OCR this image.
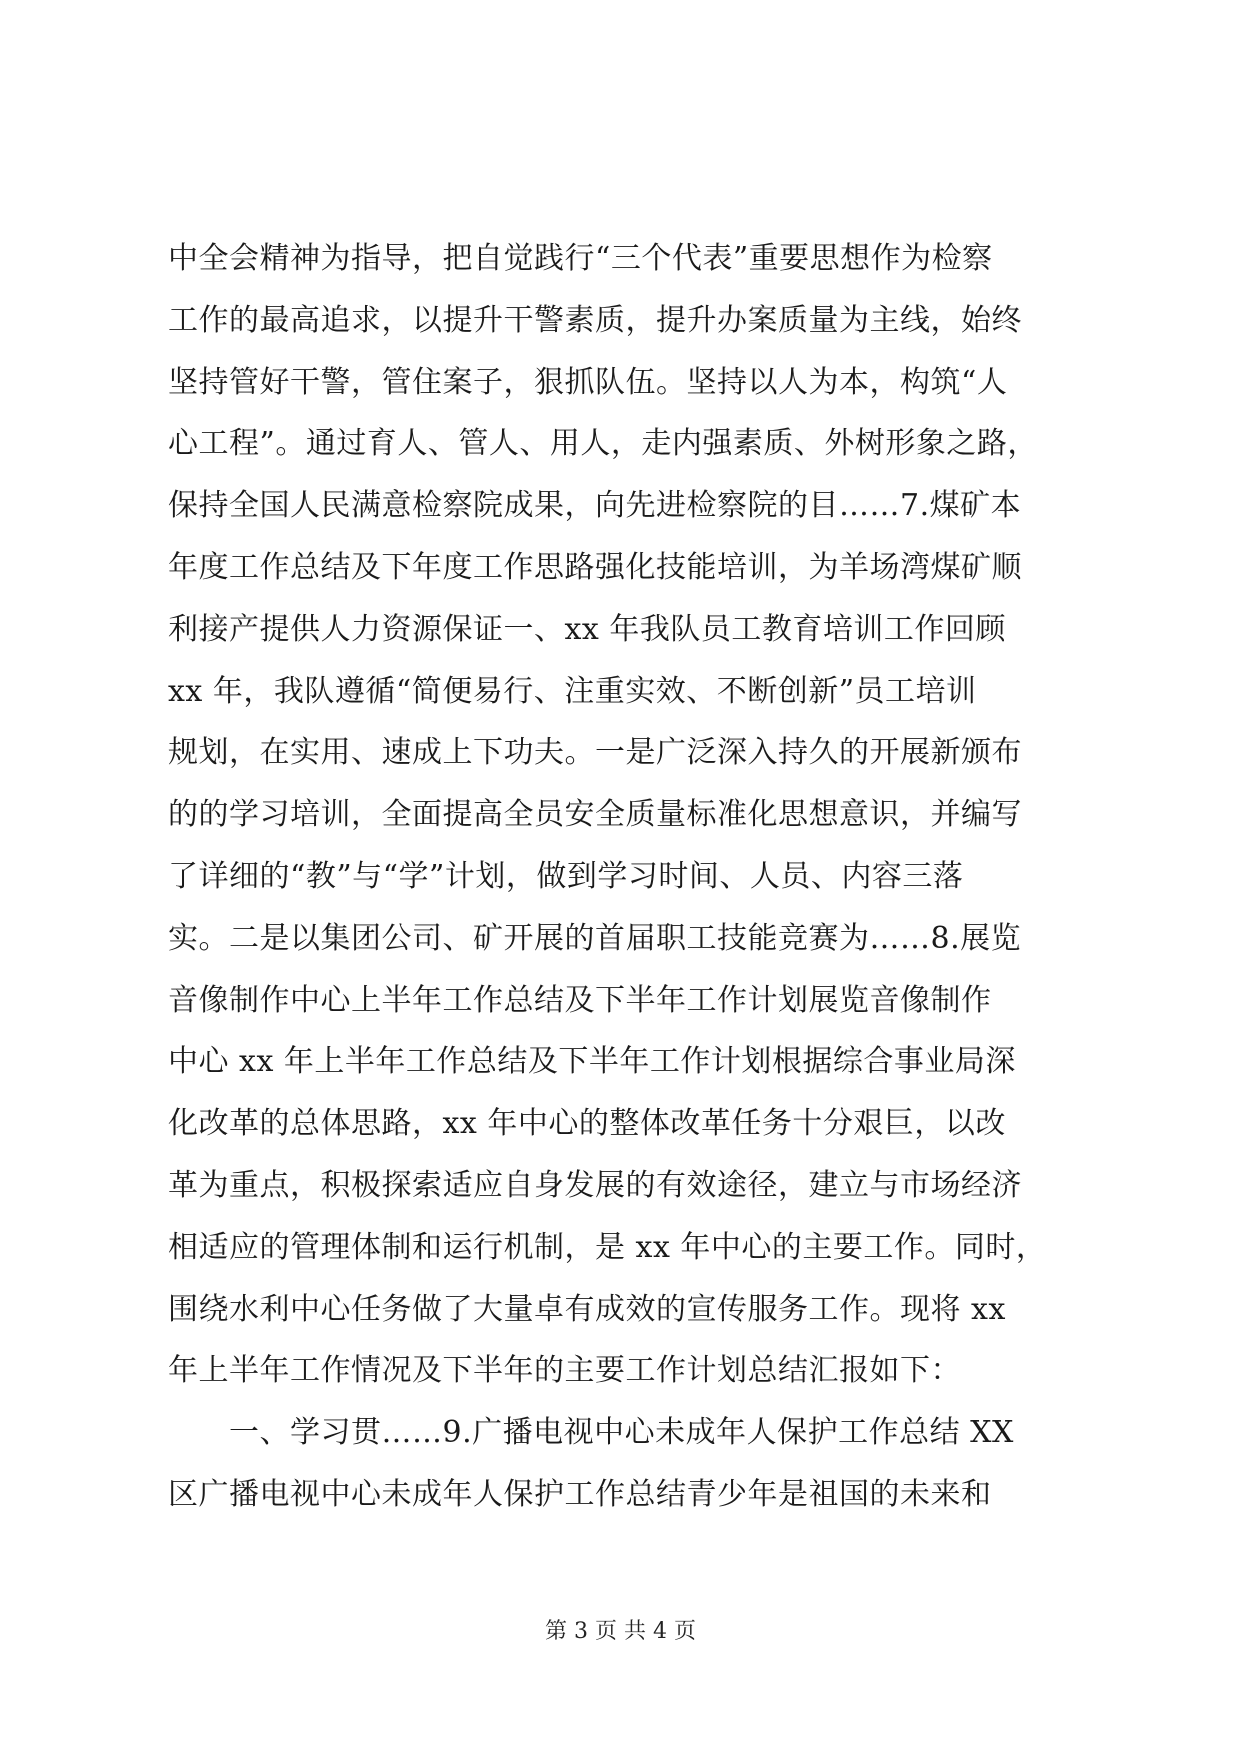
中全会精神为指导，把自觉践行“三个代表”重要思想作为检察
工作的最高追求，以提升干警素质，提升办案质量为主线，始终
坚持管好干警，管住案子，狠抓队伍。坚持以人为本，构筑“人
心工程”。通过育人、管人、用人，走内强素质、外树形象之路，
保持全国人民满意检察院成果，向先进检察院的目……7.煤矿本
年度工作总结及下年度工作思路强化技能培训，为羊场湾煤矿顺
利接产提供人力资源保证一、xx 年我队员工教育培训工作回顾
xx 年，我队遵循“简便易行、注重实效、不断创新”员工培训
规划，在实用、速成上下功夫。一是广泛深入持久的开展新颁布
的的学习培训，全面提高全员安全质量标准化思想意识，并编写
了详细的“教”与“学”计划，做到学习时间、人员、内容三落
实。二是以集团公司、矿开展的首届职工技能竞赛为……8.展览
音像制作中心上半年工作总结及下半年工作计划展览音像制作
中心 xx 年上半年工作总结及下半年工作计划根据综合事业局深
化改革的总体思路，xx 年中心的整体改革任务十分艰巨，以改
革为重点，积极探索适应自身发展的有效途径，建立与市场经济
相适应的管理体制和运行机制，是 xx 年中心的主要工作。同时，
围绕水利中心任务做了大量卓有成效的宣传服务工作。现将 xx
年上半年工作情况及下半年的主要工作计划总结汇报如下：
　　一、学习贯……9.广播电视中心未成年人保护工作总结 XX
区广播电视中心未成年人保护工作总结青少年是祖国的未来和
第 3 页 共 4 页
